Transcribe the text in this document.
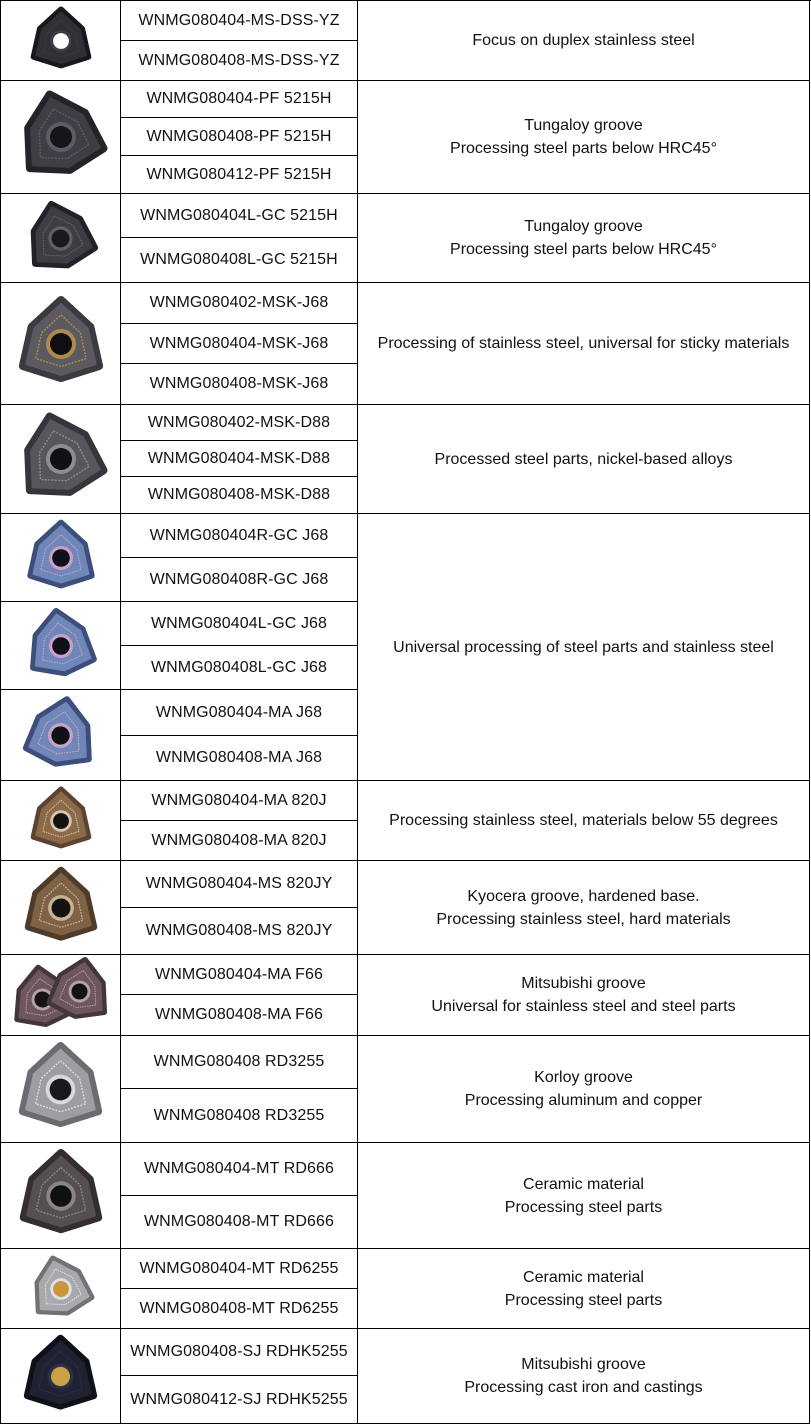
WNMG080404-MS-DSS-YZ
WNMG080408-MS-DSS-YZ
Focus on duplex stainless steel
WNMG080404-PF 5215H
WNMG080408-PF 5215H
WNMG080412-PF 5215H
Tungaloy groove
Processing steel parts below HRC45°
WNMG080404L-GC 5215H
WNMG080408L-GC 5215H
Tungaloy groove
Processing steel parts below HRC45°
WNMG080402-MSK-J68
WNMG080404-MSK-J68
WNMG080408-MSK-J68
Processing of stainless steel, universal for sticky materials
WNMG080402-MSK-D88
WNMG080404-MSK-D88
WNMG080408-MSK-D88
Processed steel parts, nickel-based alloys
WNMG080404R-GC J68
WNMG080408R-GC J68
WNMG080404L-GC J68
WNMG080408L-GC J68
WNMG080404-MA J68
WNMG080408-MA J68
Universal processing of steel parts and stainless steel
WNMG080404-MA 820J
WNMG080408-MA 820J
Processing stainless steel, materials below 55 degrees
WNMG080404-MS 820JY
WNMG080408-MS 820JY
Kyocera groove, hardened base.
Processing stainless steel, hard materials
WNMG080404-MA F66
WNMG080408-MA F66
Mitsubishi groove
Universal for stainless steel and steel parts
WNMG080408 RD3255
WNMG080408 RD3255
Korloy groove
Processing aluminum and copper
WNMG080404-MT RD666
WNMG080408-MT RD666
Ceramic material
Processing steel parts
WNMG080404-MT RD6255
WNMG080408-MT RD6255
Ceramic material
Processing steel parts
WNMG080408-SJ RDHK5255
WNMG080412-SJ RDHK5255
Mitsubishi groove
Processing cast iron and castings
